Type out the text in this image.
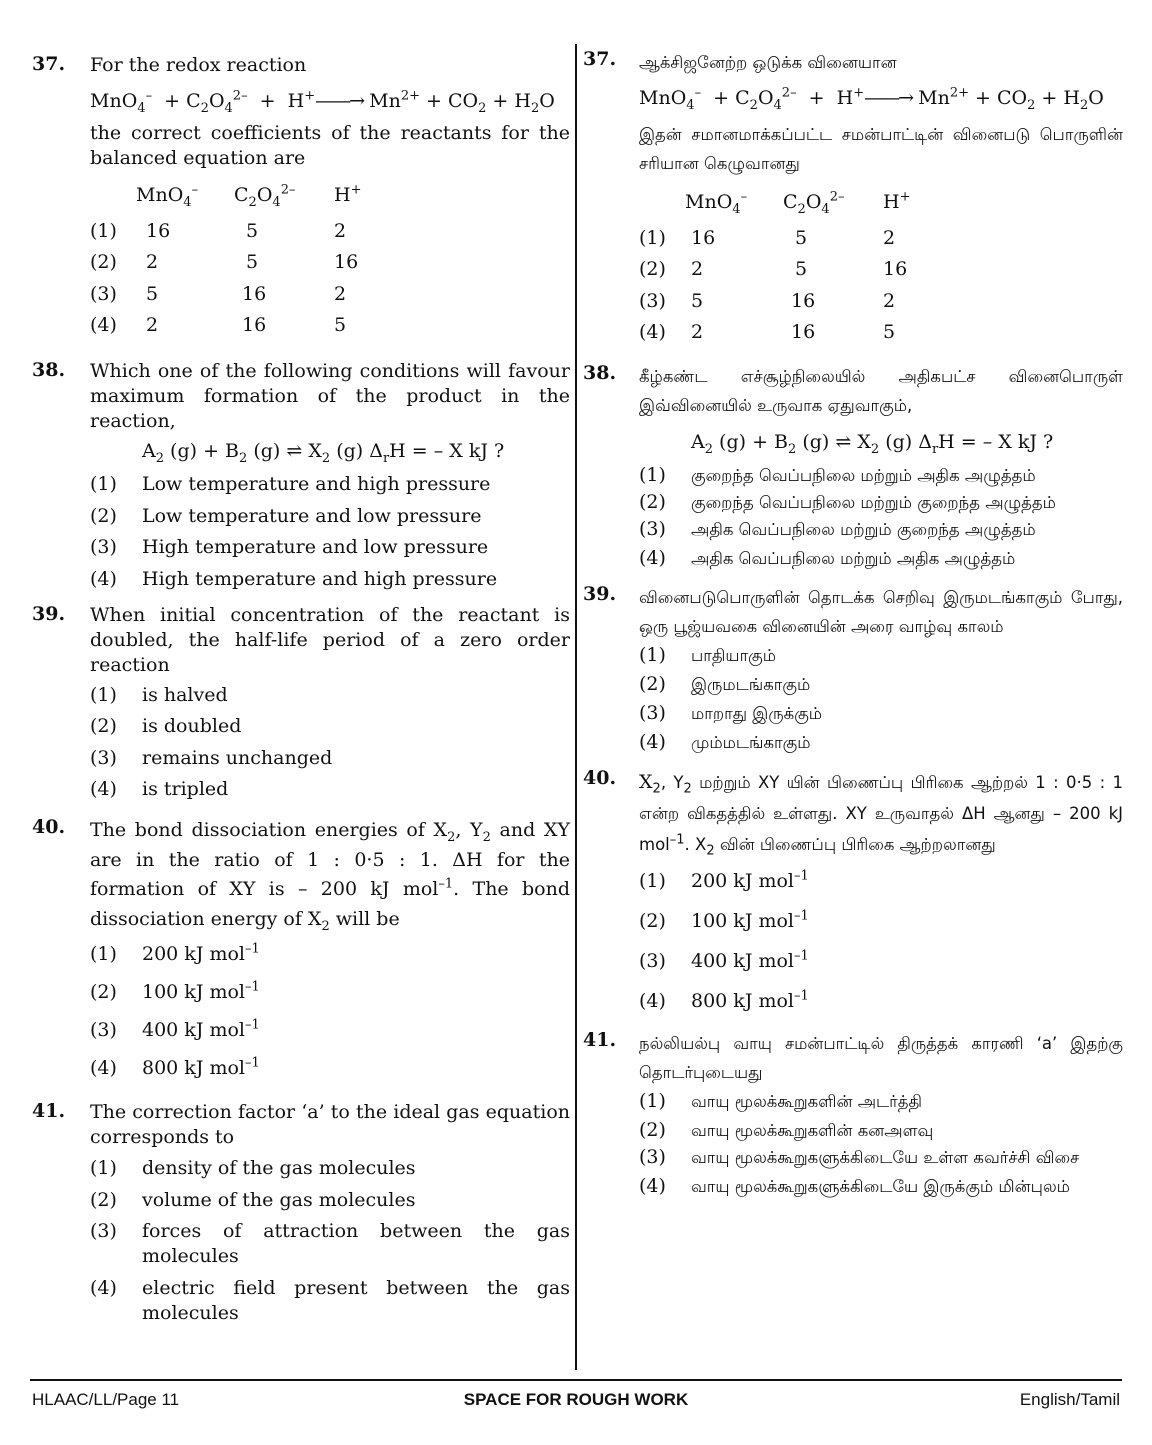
37. For the redox reaction
$MnO_4^- + C_2O_4^{2-}$  +  H+——→ $Mn^{2+} + CO_2 + H_2O$
the correct coefficients of the reactants for the balanced equation are
	MnO$_4$–	$C_2O_4^{2-}$	H+
(1)	16	5	2
(2)	2	5	16
(3)	5	16	2
(4)	2	16	5
38. Which one of the following conditions will favour maximum formation of the product in the reaction,
$A_2$ $(g) + B_2$ (g) ⇌ $X_2$ (g) $\Delta_rH$ = – X kJ ?
(1)	Low temperature and high pressure
(2)	Low temperature and low pressure
(3)	High temperature and low pressure
(4)	High temperature and high pressure
39. When initial concentration of the reactant is doubled, the half-life period of a zero order reaction
(1)	is halved
(2)	is doubled
(3)	remains unchanged
(4)	is tripled
40. The bond dissociation energies of $X_2$, $Y_2$ and XY are in the ratio of 1 : 0·5 : 1. ΔH for the formation of XY is – 200 kJ mol$^{-1}$. The bond dissociation energy of $X_2$ will be
(1)	200 kJ mol$^{-1}$
(2)	100 kJ mol$^{-1}$
(3)	400 kJ mol$^{-1}$
(4)	800 kJ mol$^{-1}$
41. The correction factor ‘a’ to the ideal gas equation corresponds to
(1)	density of the gas molecules
(2)	volume of the gas molecules
(3)	forces of attraction between the gas molecules
(4)	electric field present between the gas molecules
37. ஆக்சிஜனேற்ற ஒடுக்க வினையான
$MnO_4^- + C_2O_4^{2-}$  +  H+——→ $Mn^{2+} + CO_2 + H_2O$
இதன் சமானமாக்கப்பட்ட சமன்பாட்டின் வினைபடு பொருளின் சரியான கெழுவானது
	MnO$_4$–	$C_2O_4^{2-}$	H+
(1)	16	5	2
(2)	2	5	16
(3)	5	16	2
(4)	2	16	5
38. கீழ்கண்ட எச்சூழ்நிலையில் அதிகபட்ச வினைபொருள் இவ்வினையில் உருவாக ஏதுவாகும்,
$A_2$ $(g) + B_2$ (g) ⇌ $X_2$ (g) $\Delta_rH$ = – X kJ ?
(1)	குறைந்த வெப்பநிலை மற்றும் அதிக அழுத்தம்
(2)	குறைந்த வெப்பநிலை மற்றும் குறைந்த அழுத்தம்
(3)	அதிக வெப்பநிலை மற்றும் குறைந்த அழுத்தம்
(4)	அதிக வெப்பநிலை மற்றும் அதிக அழுத்தம்
39. வினைபடுபொருளின் தொடக்க செறிவு இருமடங்காகும் போது, ஒரு பூஜ்யவகை வினையின் அரை வாழ்வு காலம்
(1)	பாதியாகும்
(2)	இருமடங்காகும்
(3)	மாறாது இருக்கும்
(4)	மும்மடங்காகும்
40. $X_2$, $Y_2$ மற்றும் XY யின் பிணைப்பு பிரிகை ஆற்றல் 1 : 0·5 : 1 என்ற விகதத்தில் உள்ளது. XY உருவாதல் ΔH ஆனது – 200 kJ mol$^{-1}$. $X_2$ வின் பிணைப்பு பிரிகை ஆற்றலானது
(1)	200 kJ mol$^{-1}$
(2)	100 kJ mol$^{-1}$
(3)	400 kJ mol$^{-1}$
(4)	800 kJ mol$^{-1}$
41. நல்லியல்பு வாயு சமன்பாட்டில் திருத்தக் காரணி ‘a’ இதற்கு தொடர்புடையது
(1)	வாயு மூலக்கூறுகளின் அடர்த்தி
(2)	வாயு மூலக்கூறுகளின் கனஅளவு
(3)	வாயு மூலக்கூறுகளுக்கிடையே உள்ள கவர்ச்சி விசை
(4)	வாயு மூலக்கூறுகளுக்கிடையே இருக்கும் மின்புலம்
HLAAC/LL/Page 11	SPACE FOR ROUGH WORK	English/Tamil
